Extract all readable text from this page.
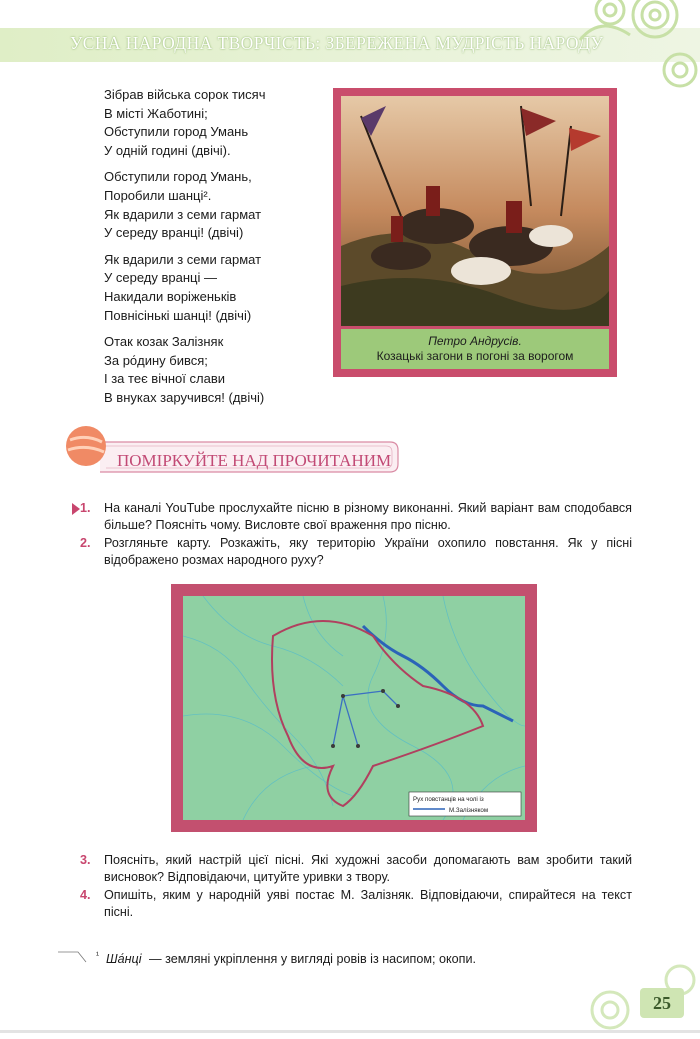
УСНА НАРОДНА ТВОРЧІСТЬ: ЗБЕРЕЖЕНА МУДРІСТЬ НАРОДУ
Зібрав війська сорок тисяч
В місті Жаботині;
Обступили город Умань
У одній годині (двічі).
Обступили город Умань,
Поробили шанці².
Як вдарили з семи гармат
У середу вранці! (двічі)
Як вдарили з семи гармат
У середу вранці —
Накидали воріженьків
Повнісінькі шанці! (двічі)
Отак козак Залізняк
За ро́дину бився;
І за теє вічної слави
В внуках заручився! (двічі)
Петро Андрусів.
Козацькі загони в погоні за ворогом
ПОМІРКУЙТЕ НАД ПРОЧИТАНИМ
1. На каналі YouTube прослухайте пісню в різному виконанні. Який варіант вам сподобався більше? Поясніть чому. Висловте свої враження про пісню.
2. Розгляньте карту. Розкажіть, яку територію України охопило повстання. Як у пісні відображено розмах народного руху?
Рух повстанців на чолі із
М.Залізняком
3. Поясніть, який настрій цієї пісні. Які художні засоби допомагають вам зробити такий висновок? Відповідаючи, цитуйте уривки з твору.
4. Опишіть, яким у народній уяві постає М. Залізняк. Відповідаючи, спирайтеся на текст пісні.
¹ Ша́нці — земляні укріплення у вигляді ровів із насипом; окопи.
25
